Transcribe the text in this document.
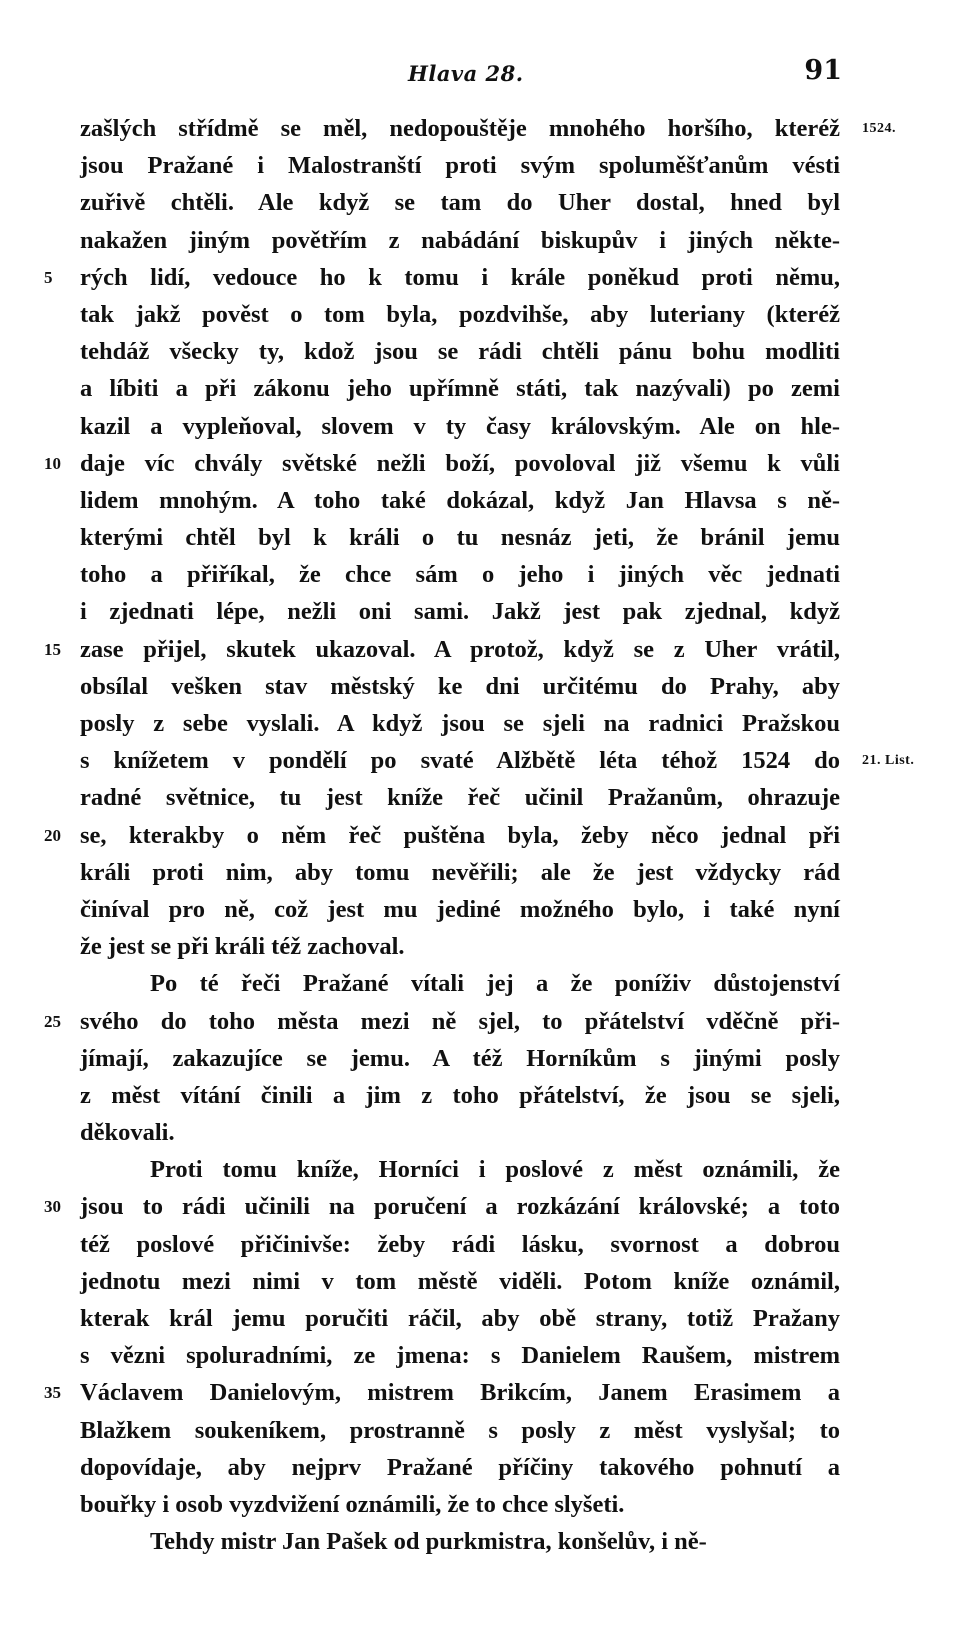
Hlava 28.	91
zašlých střídmě se měl, nedopouštěje mnohého horšího, kteréž 1524.
jsou Pražané i Malostranští proti svým spoluměšťanům vésti
zuřivě chtěli. Ale když se tam do Uher dostal, hned byl
nakažen jiným povětřím z nabádání biskupův i jiných někte-
5	rých lidí, vedouce ho k tomu i krále poněkud proti němu,
tak jakž pověst o tom byla, pozdvihše, aby luteriany (kteréž
tehdáž všecky ty, kdož jsou se rádi chtěli pánu bohu modliti
a líbiti a při zákonu jeho upřímně státi, tak nazývali) po zemi
kazil a vypleňoval, slovem v ty časy královským. Ale on hle-
10 daje víc chvály světské nežli boží, povoloval již všemu k vůli
lidem mnohým. A toho také dokázal, když Jan Hlavsa s ně-
kterými chtěl byl k králi o tu nesnáz jeti, že bránil jemu
toho a přiříkal, že chce sám o jeho i jiných věc jednati
i zjednati lépe, nežli oni sami. Jakž jest pak zjednal, když
15 zase přijel, skutek ukazoval. A protož, když se z Uher vrátil,
obsílal vešken stav městský ke dni určitému do Prahy, aby
posly z sebe vyslali. A když jsou se sjeli na radnici Pražskou
s knížetem v pondělí po svaté Alžbětě léta téhož 1524 do 21. List.
radné světnice, tu jest kníže řeč učinil Pražanům, ohrazuje
20 se, kterakby o něm řeč puštěna byla, žeby něco jednal při
králi proti nim, aby tomu nevěřili; ale že jest vždycky rád
činíval pro ně, což jest mu jediné možného bylo, i také nyní
že jest se při králi též zachoval.
Po té řeči Pražané vítali jej a že poníživ důstojenství
25 svého do toho města mezi ně sjel, to přátelství vděčně při-
jímají, zakazujíce se jemu. A též Horníkům s jinými posly
z měst vítání činili a jim z toho přátelství, že jsou se sjeli,
děkovali.
Proti tomu kníže, Horníci i poslové z měst oznámili, že
30 jsou to rádi učinili na poručení a rozkázání královské; a toto
též poslové přičinivše: žeby rádi lásku, svornost a dobrou
jednotu mezi nimi v tom městě viděli. Potom kníže oznámil,
kterak král jemu poručiti ráčil, aby obě strany, totiž Pražany
s vězni spoluradními, ze jmena: s Danielem Raušem, mistrem
35 Václavem Danielovým, mistrem Brikcím, Janem Erasimem a
Blažkem soukeníkem, prostranně s posly z měst vyslyšal; to
dopovídaje, aby nejprv Pražané příčiny takového pohnutí a
bouřky i osob vyzdvižení oznámili, že to chce slyšeti.
Tehdy mistr Jan Pašek od purkmistra, konšelův, i ně-
